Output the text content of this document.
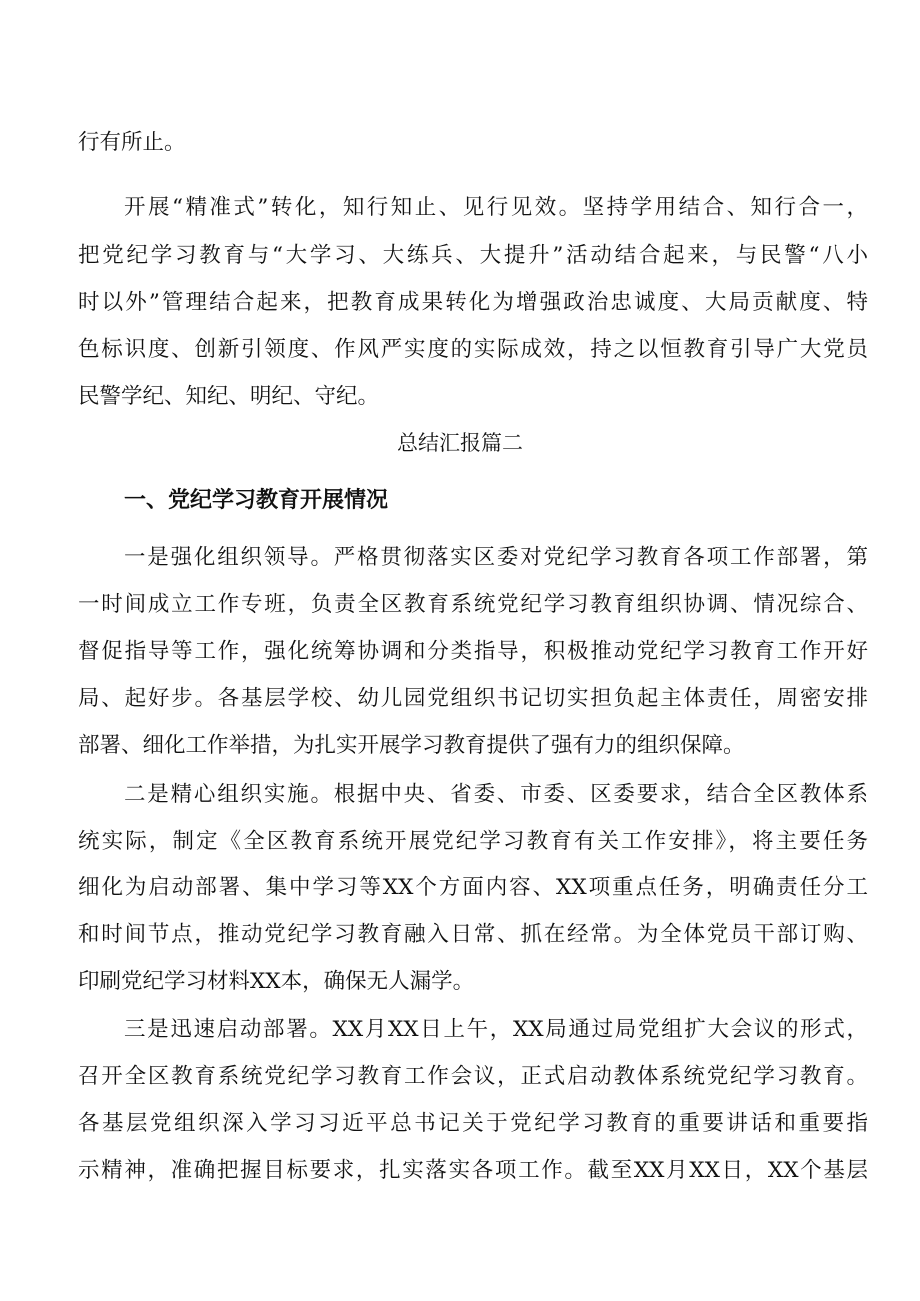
行有所止。
开展“精准式”转化，知行知止、见行见效。坚持学用结合、知行合一，
把党纪学习教育与“大学习、大练兵、大提升”活动结合起来，与民警“八小
时以外”管理结合起来，把教育成果转化为增强政治忠诚度、大局贡献度、特
色标识度、创新引领度、作风严实度的实际成效，持之以恒教育引导广大党员
民警学纪、知纪、明纪、守纪。
总结汇报篇二
一、党纪学习教育开展情况
一是强化组织领导。严格贯彻落实区委对党纪学习教育各项工作部署，第
一时间成立工作专班，负责全区教育系统党纪学习教育组织协调、情况综合、
督促指导等工作，强化统筹协调和分类指导，积极推动党纪学习教育工作开好
局、起好步。各基层学校、幼儿园党组织书记切实担负起主体责任，周密安排
部署、细化工作举措，为扎实开展学习教育提供了强有力的组织保障。
二是精心组织实施。根据中央、省委、市委、区委要求，结合全区教体系
统实际，制定《全区教育系统开展党纪学习教育有关工作安排》，将主要任务
细化为启动部署、集中学习等XX个方面内容、XX项重点任务，明确责任分工
和时间节点，推动党纪学习教育融入日常、抓在经常。为全体党员干部订购、
印刷党纪学习材料XX本，确保无人漏学。
三是迅速启动部署。XX月XX日上午，XX局通过局党组扩大会议的形式，
召开全区教育系统党纪学习教育工作会议，正式启动教体系统党纪学习教育。
各基层党组织深入学习习近平总书记关于党纪学习教育的重要讲话和重要指
示精神，准确把握目标要求，扎实落实各项工作。截至XX月XX日，XX个基层
